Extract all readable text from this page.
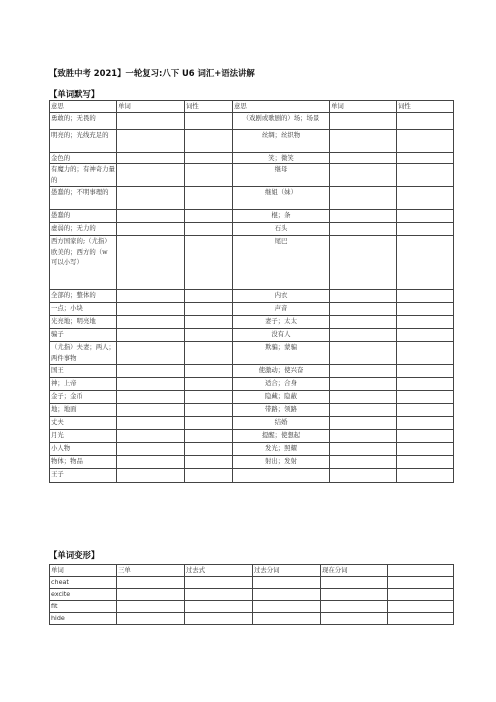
【致胜中考 2021】一轮复习:八下 U6 词汇+语法讲解
【单词默写】
意思	单词	词性	意思	单词	词性
勇敢的；无畏的			（戏剧或歌剧的）场；场景		
明亮的；光线充足的			丝绸；丝织物		
金色的			笑；微笑		
有魔力的；有神奇力量的			继母		
愚蠢的；不明事理的			继姐（妹）		
愚蠢的			棍；条		
虚弱的；无力的			石头		
西方国家的;（尤指）欧美的；西方的（w 可以小写）			尾巴		
全部的；整体的			内衣		
一点；小块			声音		
光亮地；明亮地			妻子；太太		
骗子			没有人		
（尤指）夫妻；两人；两件事物			欺骗；蒙骗		
国王			使激动；使兴奋		
神；上帝			适合；合身		
金子；金币			隐藏；隐蔽		
地；地面			带路；领路		
丈夫			结婚		
月光			提醒；使想起		
小人物			发光；照耀		
物体；物品			射出；发射		
王子					
【单词变形】
单词	三单	过去式	过去分词	现在分词	
cheat					
excite					
fit					
hide					
